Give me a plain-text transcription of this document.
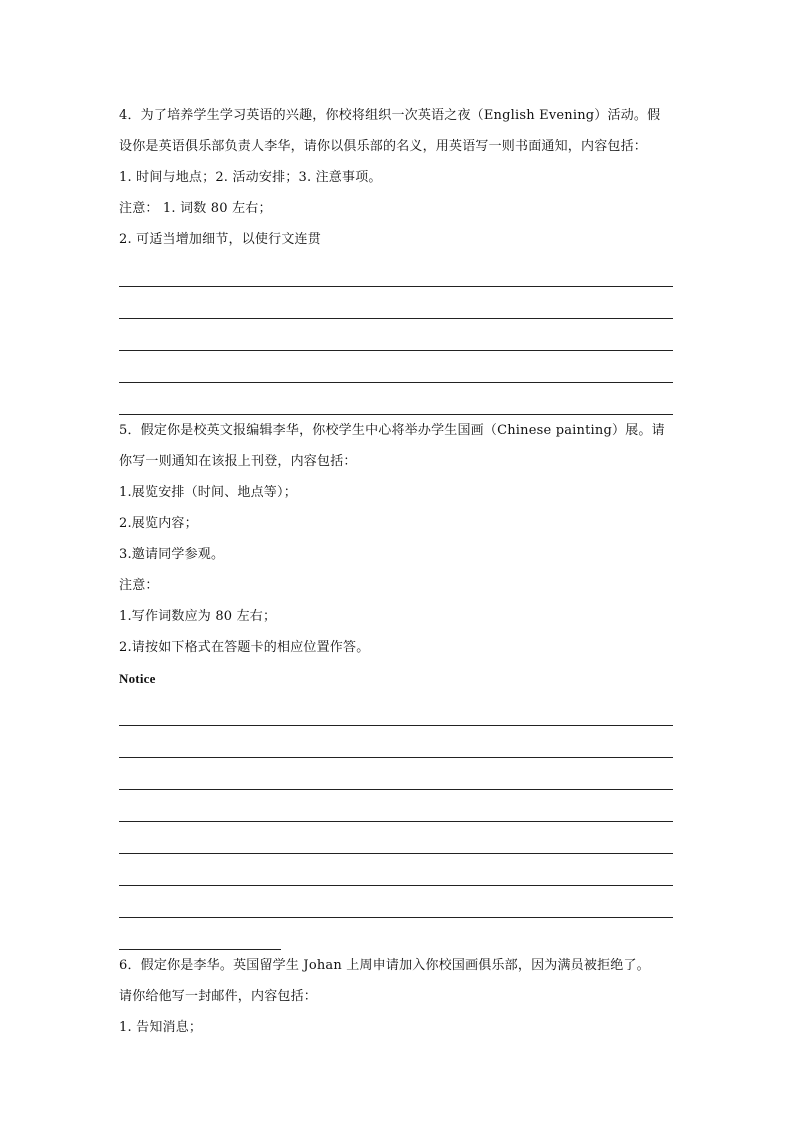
4．为了培养学生学习英语的兴趣，你校将组织一次英语之夜（English Evening）活动。假
设你是英语俱乐部负责人李华，请你以俱乐部的名义，用英语写一则书面通知，内容包括：
1. 时间与地点；2. 活动安排；3. 注意事项。
注意： 1. 词数 80 左右；
2. 可适当增加细节，以使行文连贯
5．假定你是校英文报编辑李华，你校学生中心将举办学生国画（Chinese painting）展。请
你写一则通知在该报上刊登，内容包括：
1.展览安排（时间、地点等）；
2.展览内容；
3.邀请同学参观。
注意：
1.写作词数应为 80 左右；
2.请按如下格式在答题卡的相应位置作答。
Notice
6．假定你是李华。英国留学生 Johan 上周申请加入你校国画俱乐部，因为满员被拒绝了。
请你给他写一封邮件，内容包括：
1. 告知消息；
